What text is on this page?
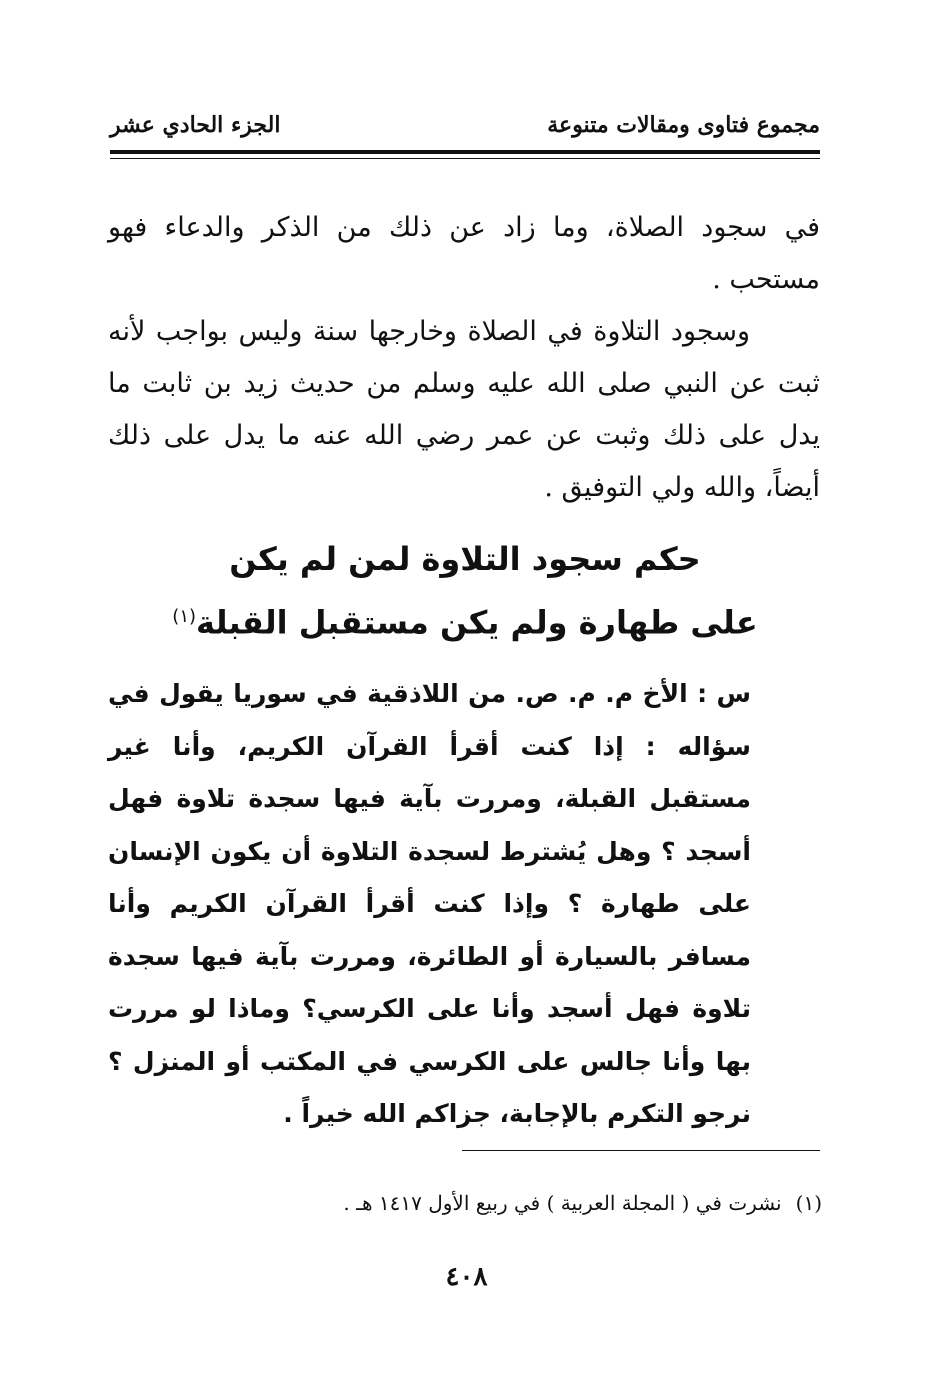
مجموع فتاوى ومقالات متنوعة
الجزء الحادي عشر

في سجود الصلاة، وما زاد عن ذلك من الذكر والدعاء فهو مستحب .

وسجود التلاوة في الصلاة وخارجها سنة وليس بواجب لأنه ثبت عن النبي صلى الله عليه وسلم من حديث زيد بن ثابت ما يدل على ذلك وثبت عن عمر رضي الله عنه ما يدل على ذلك أيضاً، والله ولي التوفيق .

حكم سجود التلاوة لمن لم يكن
على طهارة ولم يكن مستقبل القبلة$^{(١)}$

س : الأخ م. م. ص. من اللاذقية في سوريا يقول في سؤاله : إذا كنت أقرأ القرآن الكريم، وأنا غير مستقبل القبلة، ومررت بآية فيها سجدة تلاوة فهل أسجد ؟ وهل يُشترط لسجدة التلاوة أن يكون الإنسان على طهارة ؟ وإذا كنت أقرأ القرآن الكريم وأنا مسافر بالسيارة أو الطائرة، ومررت بآية فيها سجدة تلاوة فهل أسجد وأنا على الكرسي؟ وماذا لو مررت بها وأنا جالس على الكرسي في المكتب أو المنزل ؟ نرجو التكرم بالإجابة، جزاكم الله خيراً .

(١)نشرت في ( المجلة العربية ) في ربيع الأول ١٤١٧ هـ .

٤٠٨
